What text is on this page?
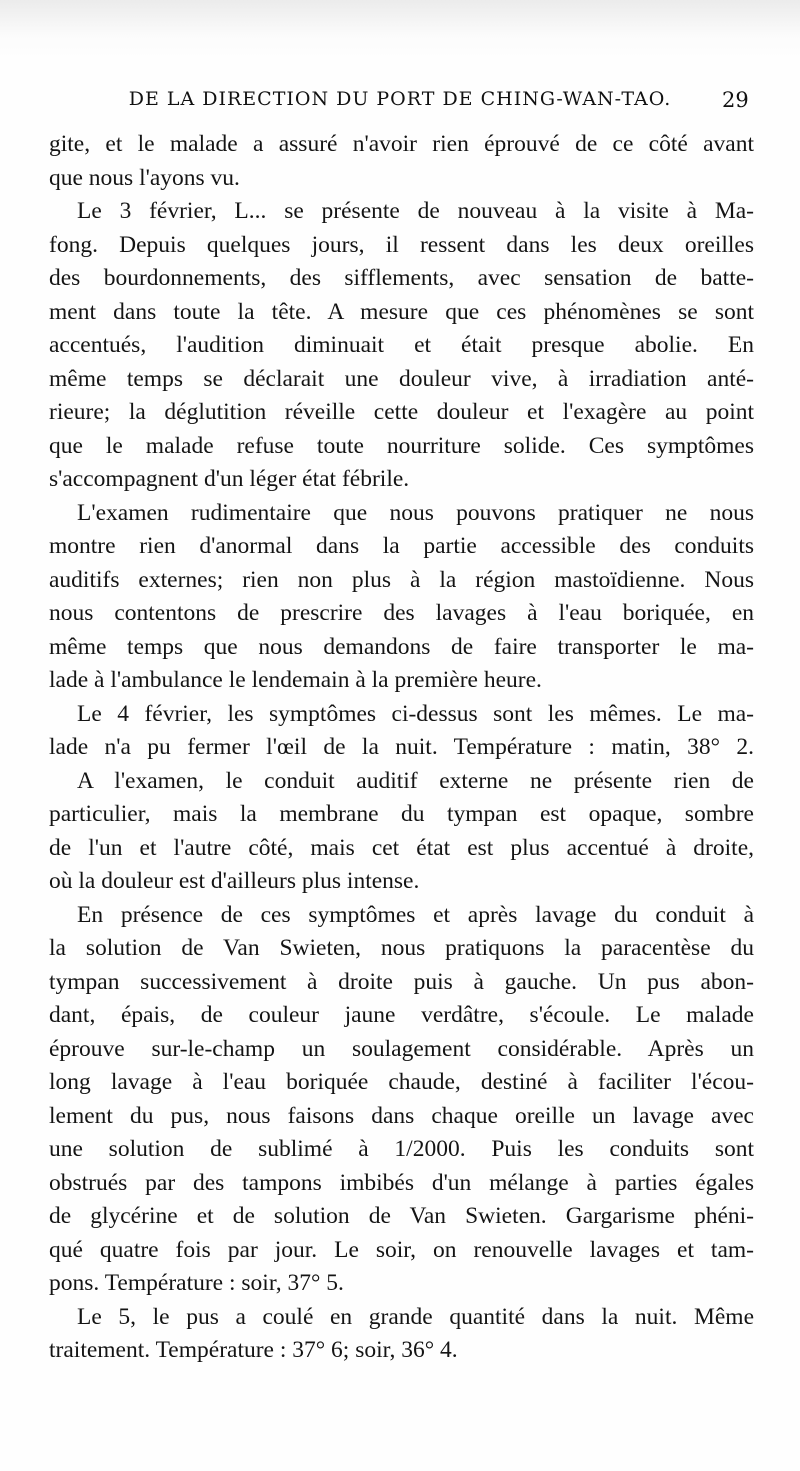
DE LA DIRECTION DU PORT DE CHING-WAN-TAO.	29
gite, et le malade a assuré n'avoir rien éprouvé de ce côté avant
que nous l'ayons vu.
Le 3 février, L... se présente de nouveau à la visite à Ma-
fong. Depuis quelques jours, il ressent dans les deux oreilles
des bourdonnements, des sifflements, avec sensation de batte-
ment dans toute la tête. A mesure que ces phénomènes se sont
accentués, l'audition diminuait et était presque abolie. En
même temps se déclarait une douleur vive, à irradiation anté-
rieure; la déglutition réveille cette douleur et l'exagère au point
que le malade refuse toute nourriture solide. Ces symptômes
s'accompagnent d'un léger état fébrile.
L'examen rudimentaire que nous pouvons pratiquer ne nous
montre rien d'anormal dans la partie accessible des conduits
auditifs externes; rien non plus à la région mastoïdienne. Nous
nous contentons de prescrire des lavages à l'eau boriquée, en
même temps que nous demandons de faire transporter le ma-
lade à l'ambulance le lendemain à la première heure.
Le 4 février, les symptômes ci-dessus sont les mêmes. Le ma-
lade n'a pu fermer l'œil de la nuit. Température : matin, 38° 2.
A l'examen, le conduit auditif externe ne présente rien de
particulier, mais la membrane du tympan est opaque, sombre
de l'un et l'autre côté, mais cet état est plus accentué à droite,
où la douleur est d'ailleurs plus intense.
En présence de ces symptômes et après lavage du conduit à
la solution de Van Swieten, nous pratiquons la paracentèse du
tympan successivement à droite puis à gauche. Un pus abon-
dant, épais, de couleur jaune verdâtre, s'écoule. Le malade
éprouve sur-le-champ un soulagement considérable. Après un
long lavage à l'eau boriquée chaude, destiné à faciliter l'écou-
lement du pus, nous faisons dans chaque oreille un lavage avec
une solution de sublimé à 1/2000. Puis les conduits sont
obstrués par des tampons imbibés d'un mélange à parties égales
de glycérine et de solution de Van Swieten. Gargarisme phéni-
qué quatre fois par jour. Le soir, on renouvelle lavages et tam-
pons. Température : soir, 37° 5.
Le 5, le pus a coulé en grande quantité dans la nuit. Même
traitement. Température : 37° 6; soir, 36° 4.
